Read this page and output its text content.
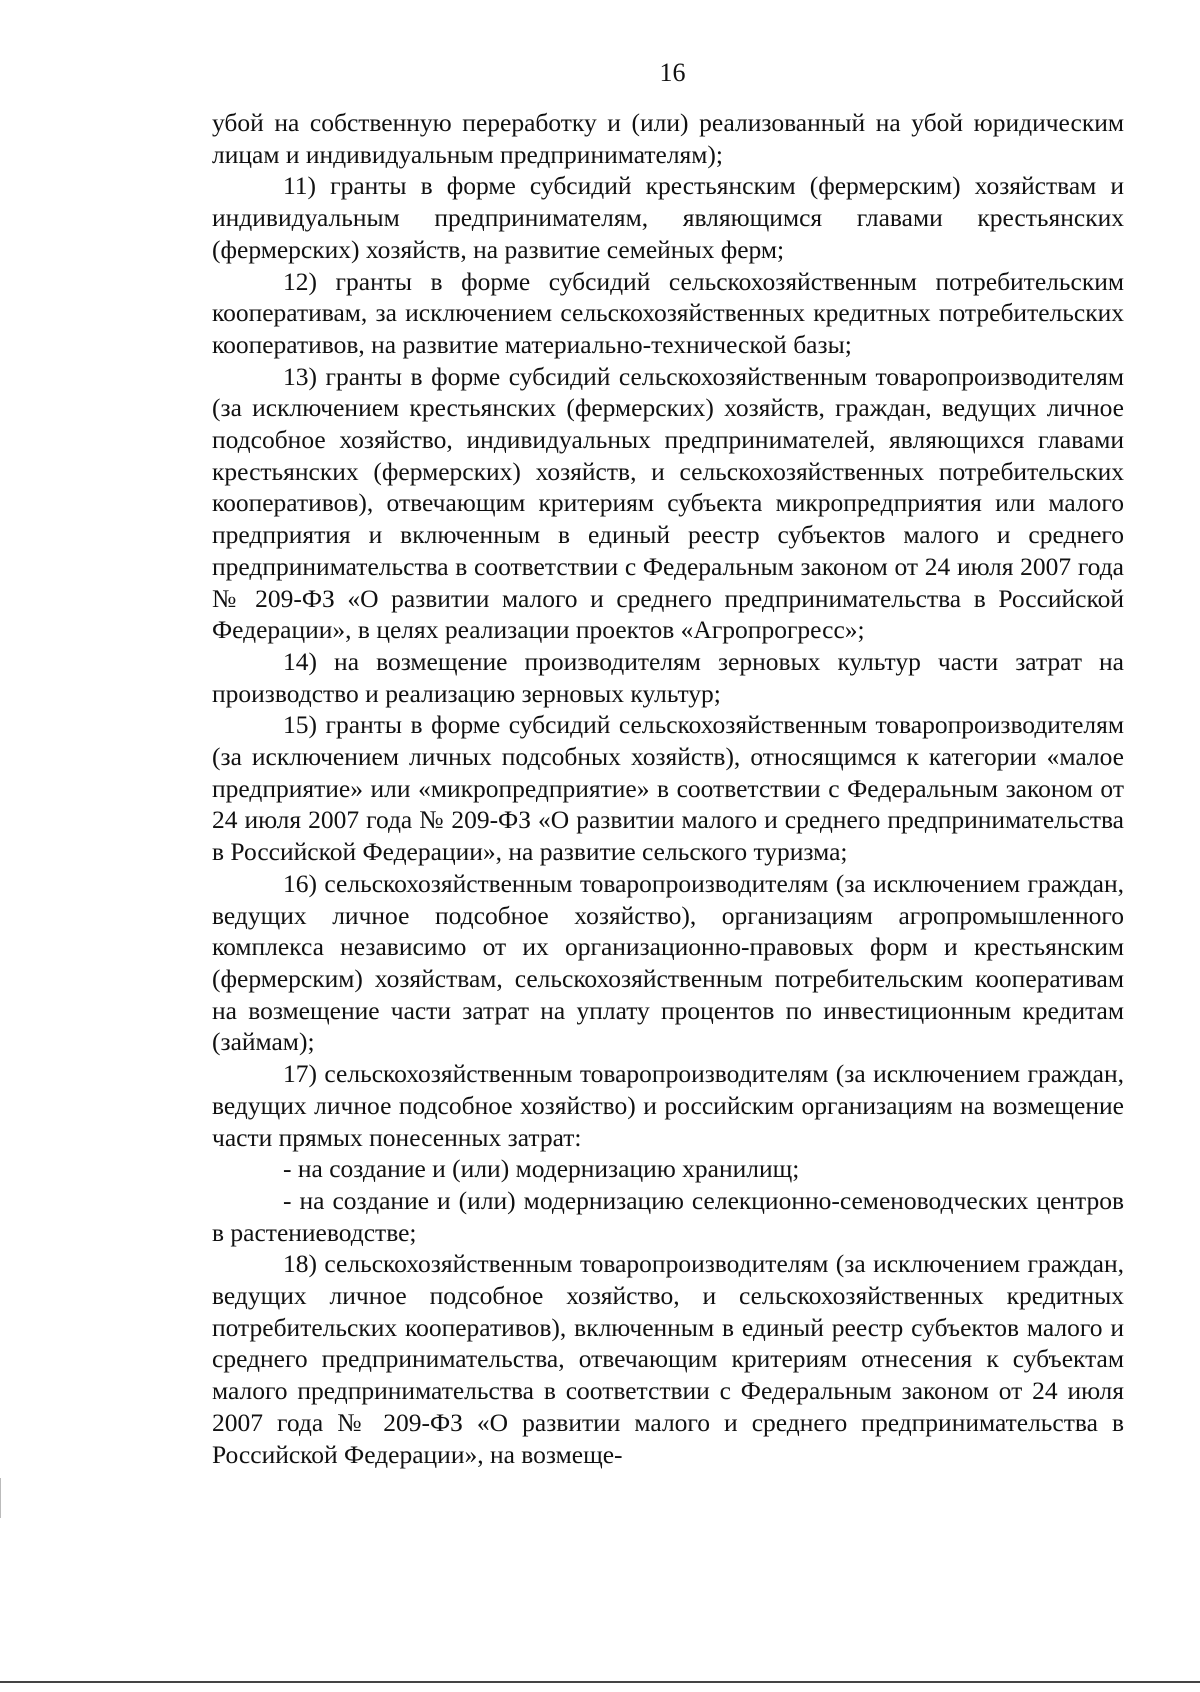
16

убой на собственную переработку и (или) реализованный на убой юридическим лицам и индивидуальным предпринимателям);

11) гранты в форме субсидий крестьянским (фермерским) хозяйствам и индивидуальным предпринимателям, являющимся главами крестьянских (фермерских) хозяйств, на развитие семейных ферм;

12) гранты в форме субсидий сельскохозяйственным потребительским кооперативам, за исключением сельскохозяйственных кредитных потребительских кооперативов, на развитие материально-технической базы;

13) гранты в форме субсидий сельскохозяйственным товаропроизводителям (за исключением крестьянских (фермерских) хозяйств, граждан, ведущих личное подсобное хозяйство, индивидуальных предпринимателей, являющихся главами крестьянских (фермерских) хозяйств, и сельскохозяйственных потребительских кооперативов), отвечающим критериям субъекта микропредприятия или малого предприятия и включенным в единый реестр субъектов малого и среднего предпринимательства в соответствии с Федеральным законом от 24 июля 2007 года № 209-ФЗ «О развитии малого и среднего предпринимательства в Российской Федерации», в целях реализации проектов «Агропрогресс»;

14) на возмещение производителям зерновых культур части затрат на производство и реализацию зерновых культур;

15) гранты в форме субсидий сельскохозяйственным товаропроизводителям (за исключением личных подсобных хозяйств), относящимся к категории «малое предприятие» или «микропредприятие» в соответствии с Федеральным законом от 24 июля 2007 года № 209-ФЗ «О развитии малого и среднего предпринимательства в Российской Федерации», на развитие сельского туризма;

16) сельскохозяйственным товаропроизводителям (за исключением граждан, ведущих личное подсобное хозяйство), организациям агропромышленного комплекса независимо от их организационно-правовых форм и крестьянским (фермерским) хозяйствам, сельскохозяйственным потребительским кооперативам на возмещение части затрат на уплату процентов по инвестиционным кредитам (займам);

17) сельскохозяйственным товаропроизводителям (за исключением граждан, ведущих личное подсобное хозяйство) и российским организациям на возмещение части прямых понесенных затрат:

- на создание и (или) модернизацию хранилищ;

- на создание и (или) модернизацию селекционно-семеноводческих центров в растениеводстве;

18) сельскохозяйственным товаропроизводителям (за исключением граждан, ведущих личное подсобное хозяйство, и сельскохозяйственных кредитных потребительских кооперативов), включенным в единый реестр субъектов малого и среднего предпринимательства, отвечающим критериям отнесения к субъектам малого предпринимательства в соответствии с Федеральным законом от 24 июля 2007 года № 209-ФЗ «О развитии малого и среднего предпринимательства в Российской Федерации», на возмеще-
